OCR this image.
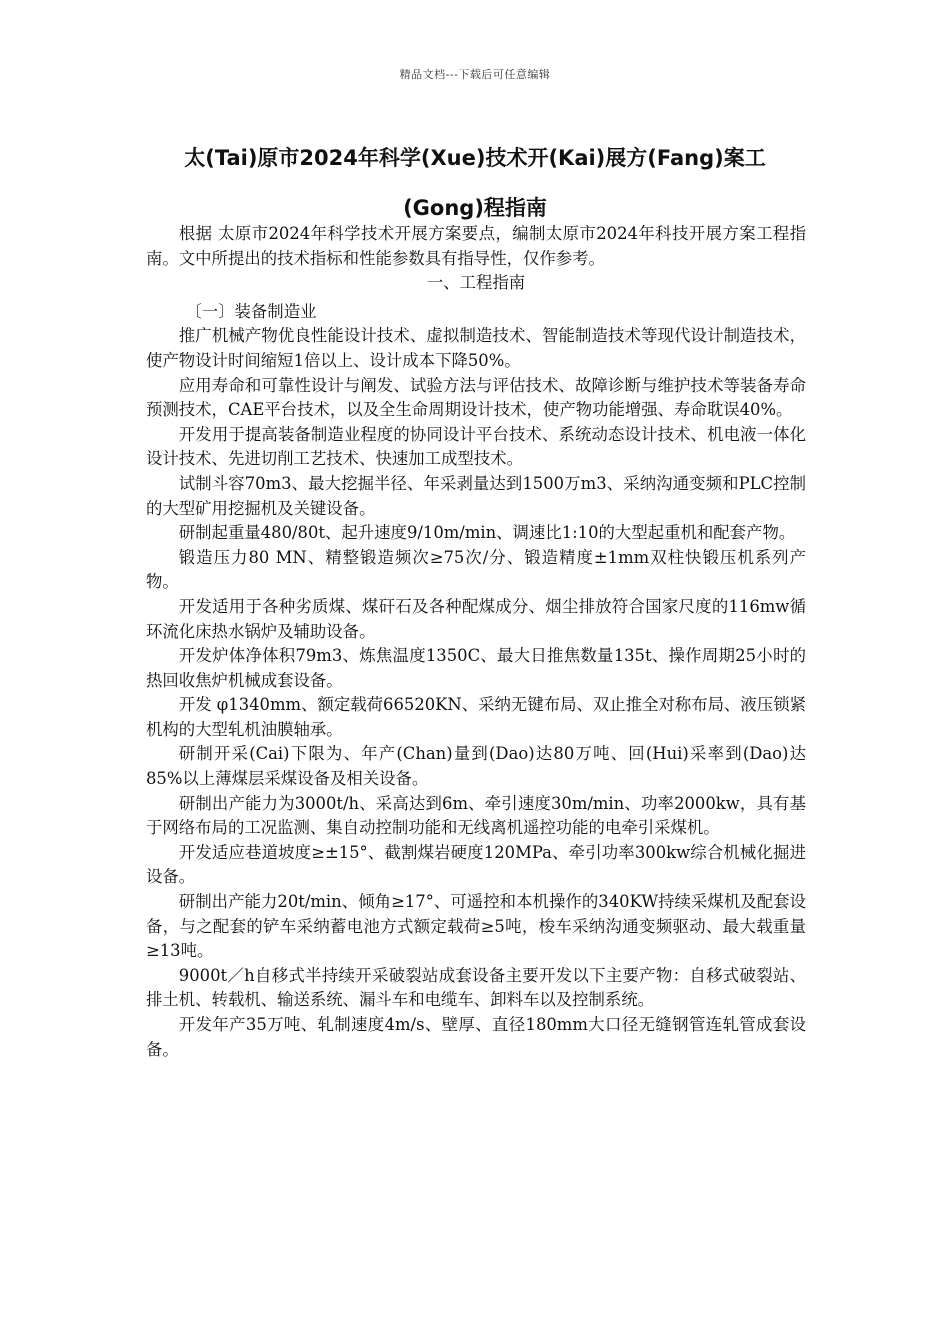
精品文档---下载后可任意编辑
太(Tai)原市2024年科学(Xue)技术开(Kai)展方(Fang)案工(Gong)程指南

根据 太原市2024年科学技术开展方案要点，编制太原市2024年科技开展方案工程指南。文中所提出的技术指标和性能参数具有指导性，仅作参考。

一、工程指南

〔一〕装备制造业

推广机械产物优良性能设计技术、虚拟制造技术、智能制造技术等现代设计制造技术，使产物设计时间缩短1倍以上、设计成本下降50%。

应用寿命和可靠性设计与阐发、试验方法与评估技术、故障诊断与维护技术等装备寿命预测技术，CAE平台技术，以及全生命周期设计技术，使产物功能增强、寿命耽误40%。

开发用于提高装备制造业程度的协同设计平台技术、系统动态设计技术、机电液一体化设计技术、先进切削工艺技术、快速加工成型技术。

试制斗容70m3、最大挖掘半径、年采剥量达到1500万m3、采纳沟通变频和PLC控制的大型矿用挖掘机及关键设备。

研制起重量480/80t、起升速度9/10m/min、调速比1:10的大型起重机和配套产物。

锻造压力80 MN、精整锻造频次≥75次/分、锻造精度±1mm双柱快锻压机系列产物。

开发适用于各种劣质煤、煤矸石及各种配煤成分、烟尘排放符合国家尺度的116mw循环流化床热水锅炉及辅助设备。

开发炉体净体积79m3、炼焦温度1350C、最大日推焦数量135t、操作周期25小时的热回收焦炉机械成套设备。

开发 φ1340mm、额定载荷66520KN、采纳无键布局、双止推全对称布局、液压锁紧机构的大型轧机油膜轴承。

研制开采(Cai)下限为、年产(Chan)量到(Dao)达80万吨、回(Hui)采率到(Dao)达85%以上薄煤层采煤设备及相关设备。

研制出产能力为3000t/h、采高达到6m、牵引速度30m/min、功率2000kw，具有基于网络布局的工况监测、集自动控制功能和无线离机遥控功能的电牵引采煤机。

开发适应巷道坡度≥±15°、截割煤岩硬度120MPa、牵引功率300kw综合机械化掘进设备。

研制出产能力20t/min、倾角≥17°、可遥控和本机操作的340KW持续采煤机及配套设备，与之配套的铲车采纳蓄电池方式额定载荷≥5吨，梭车采纳沟通变频驱动、最大载重量≥13吨。

9000t／h自移式半持续开采破裂站成套设备主要开发以下主要产物：自移式破裂站、排土机、转载机、输送系统、漏斗车和电缆车、卸料车以及控制系统。

开发年产35万吨、轧制速度4m/s、壁厚、直径180mm大口径无缝钢管连轧管成套设备。
